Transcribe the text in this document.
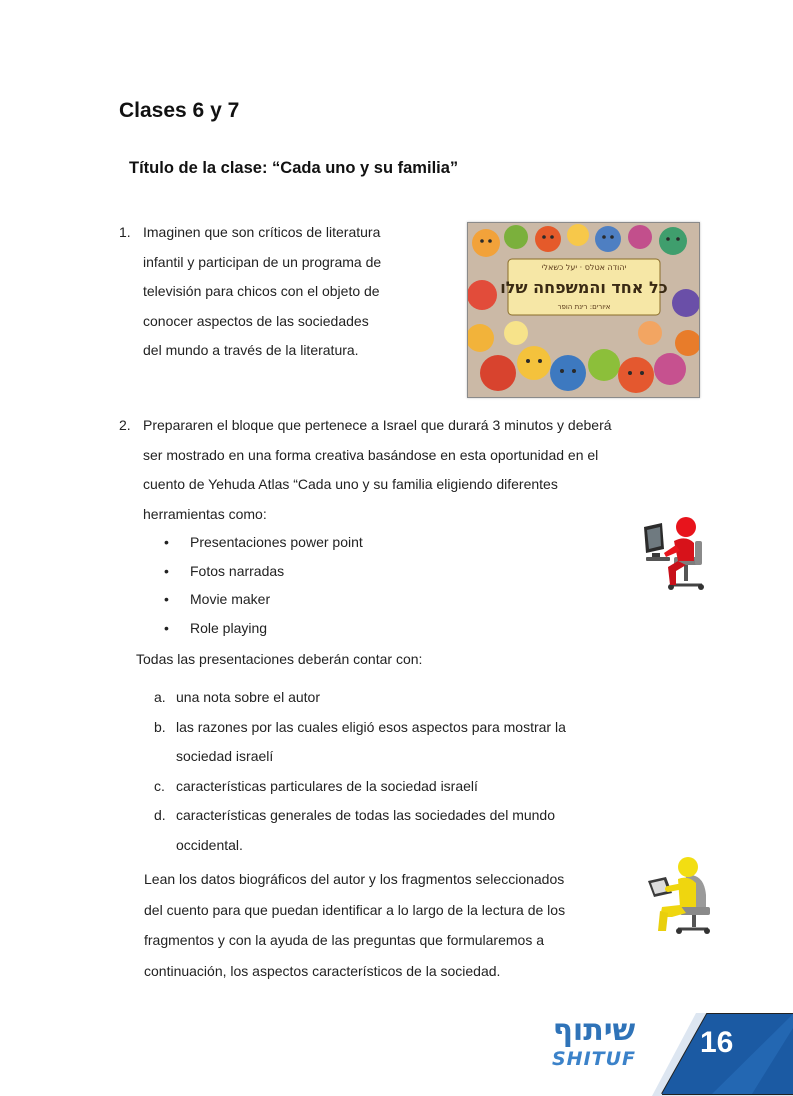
Clases 6 y 7
Título de la clase: “Cada uno y su familia”
1. Imaginen que son críticos de literatura
infantil y participan de un programa de
televisión para chicos con el objeto de
conocer aspectos de las sociedades
del mundo a través de la literatura.
יהודה אטלס · יעל כשאלי
כל אחד והמשפחה שלו
איורים: רינת הופר
2. Prepararen el bloque que pertenece a Israel que durará 3 minutos y deberá
ser mostrado en una forma creativa basándose en esta oportunidad en el
cuento de Yehuda Atlas “Cada uno y su familia eligiendo diferentes
herramientas como:
• Presentaciones power point
• Fotos narradas
• Movie maker
• Role playing
Todas las presentaciones deberán contar con:
a. una nota sobre el autor
b. las razones por las cuales eligió esos aspectos para mostrar la
sociedad israelí
c. características particulares de la sociedad israelí
d. características generales de todas las sociedades del mundo
occidental.
Lean los datos biográficos del autor y los fragmentos seleccionados
del cuento para que puedan identificar a lo largo de la lectura de los
fragmentos y con la ayuda de las preguntas que formularemos a
continuación, los aspectos característicos de la sociedad.
שיתוף
SHITUF 16
